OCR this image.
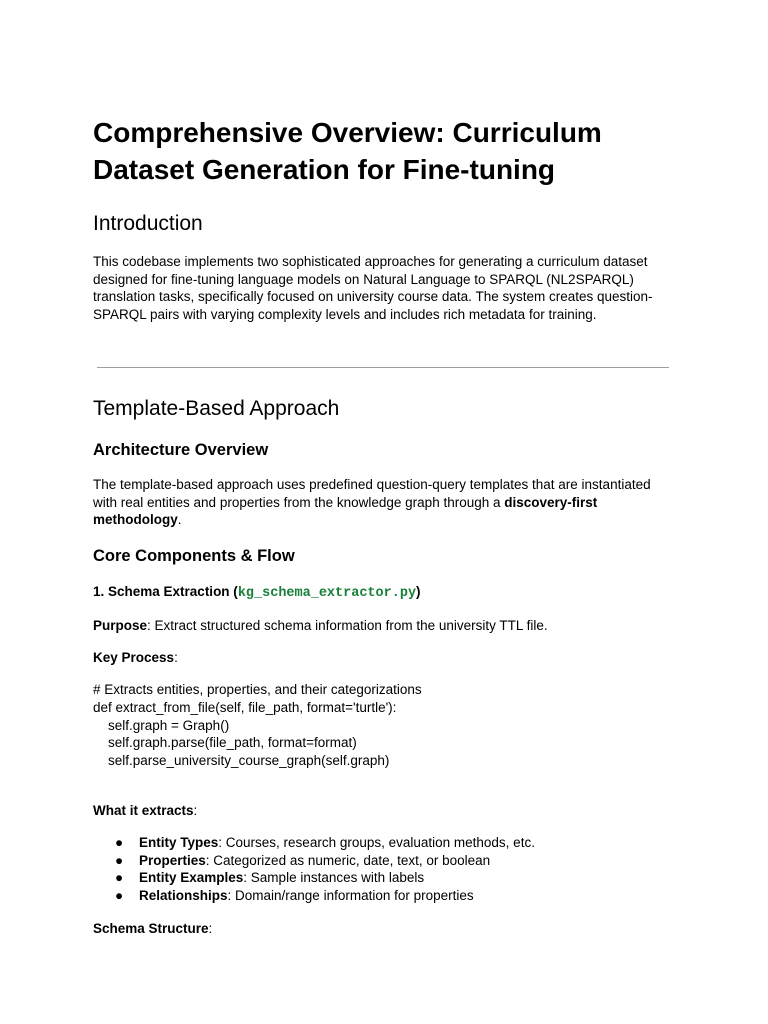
Comprehensive Overview: Curriculum Dataset Generation for Fine-tuning
Introduction

This codebase implements two sophisticated approaches for generating a curriculum dataset designed for fine-tuning language models on Natural Language to SPARQL (NL2SPARQL) translation tasks, specifically focused on university course data. The system creates question-SPARQL pairs with varying complexity levels and includes rich metadata for training.

Template-Based Approach
Architecture Overview

The template-based approach uses predefined question-query templates that are instantiated with real entities and properties from the knowledge graph through a discovery-first methodology.

Core Components & Flow

1. Schema Extraction (kg_schema_extractor.py)

Purpose: Extract structured schema information from the university TTL file.

Key Process:

# Extracts entities, properties, and their categorizations
def extract_from_file(self, file_path, format='turtle'):
self.graph = Graph()
self.graph.parse(file_path, format=format)
self.parse_university_course_graph(self.graph)

What it extracts:

● Entity Types: Courses, research groups, evaluation methods, etc.
● Properties: Categorized as numeric, date, text, or boolean
● Entity Examples: Sample instances with labels
● Relationships: Domain/range information for properties

Schema Structure:
